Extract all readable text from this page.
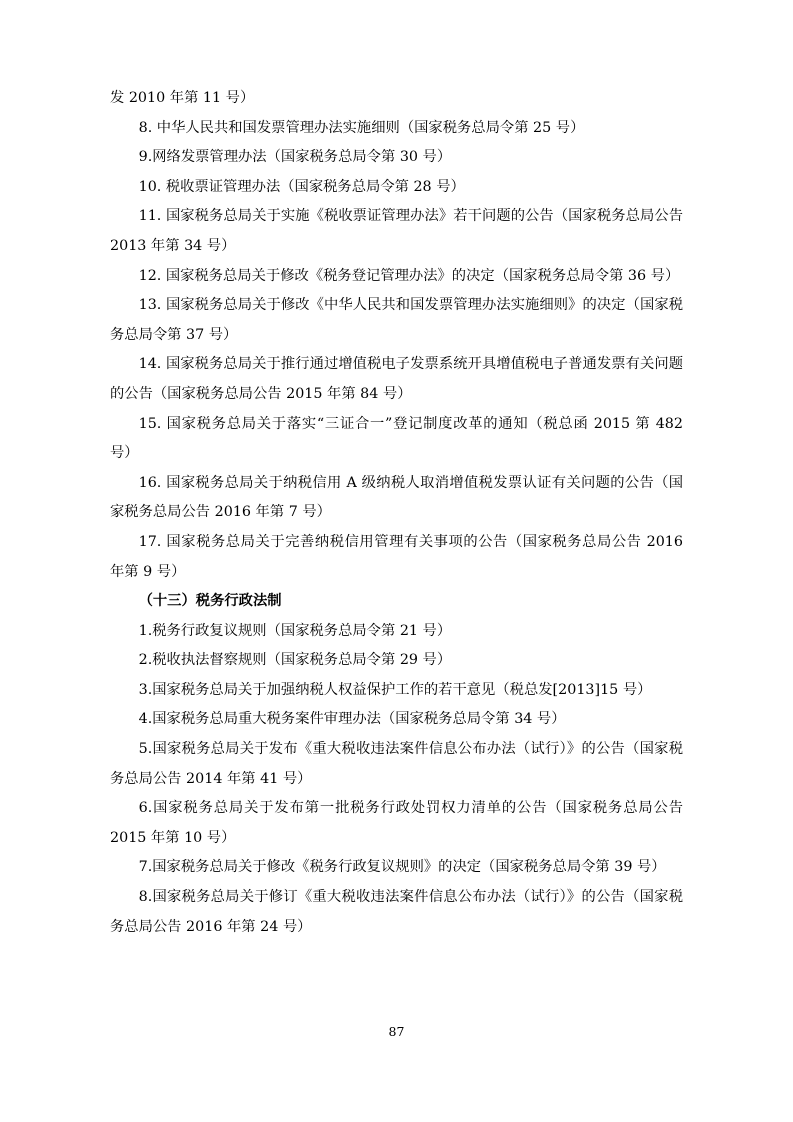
发 2010 年第 11 号）

8. 中华人民共和国发票管理办法实施细则（国家税务总局令第 25 号）

9.网络发票管理办法（国家税务总局令第 30 号）

10. 税收票证管理办法（国家税务总局令第 28 号）

11. 国家税务总局关于实施《税收票证管理办法》若干问题的公告（国家税务总局公告 2013 年第 34 号）

12. 国家税务总局关于修改《税务登记管理办法》的决定（国家税务总局令第 36 号）

13. 国家税务总局关于修改《中华人民共和国发票管理办法实施细则》的决定（国家税务总局令第 37 号）

14. 国家税务总局关于推行通过增值税电子发票系统开具增值税电子普通发票有关问题的公告（国家税务总局公告 2015 年第 84 号）

15. 国家税务总局关于落实“三证合一”登记制度改革的通知（税总函 2015 第 482 号）

16. 国家税务总局关于纳税信用 A 级纳税人取消增值税发票认证有关问题的公告（国家税务总局公告 2016 年第 7 号）

17. 国家税务总局关于完善纳税信用管理有关事项的公告（国家税务总局公告 2016 年第 9 号）

（十三）税务行政法制

1.税务行政复议规则（国家税务总局令第 21 号）

2.税收执法督察规则（国家税务总局令第 29 号）

3.国家税务总局关于加强纳税人权益保护工作的若干意见（税总发[2013]15 号）

4.国家税务总局重大税务案件审理办法（国家税务总局令第 34 号）

5.国家税务总局关于发布《重大税收违法案件信息公布办法（试行）》的公告（国家税务总局公告 2014 年第 41 号）

6.国家税务总局关于发布第一批税务行政处罚权力清单的公告（国家税务总局公告 2015 年第 10 号）

7.国家税务总局关于修改《税务行政复议规则》的决定（国家税务总局令第 39 号）

8.国家税务总局关于修订《重大税收违法案件信息公布办法（试行）》的公告（国家税务总局公告 2016 年第 24 号）

87
